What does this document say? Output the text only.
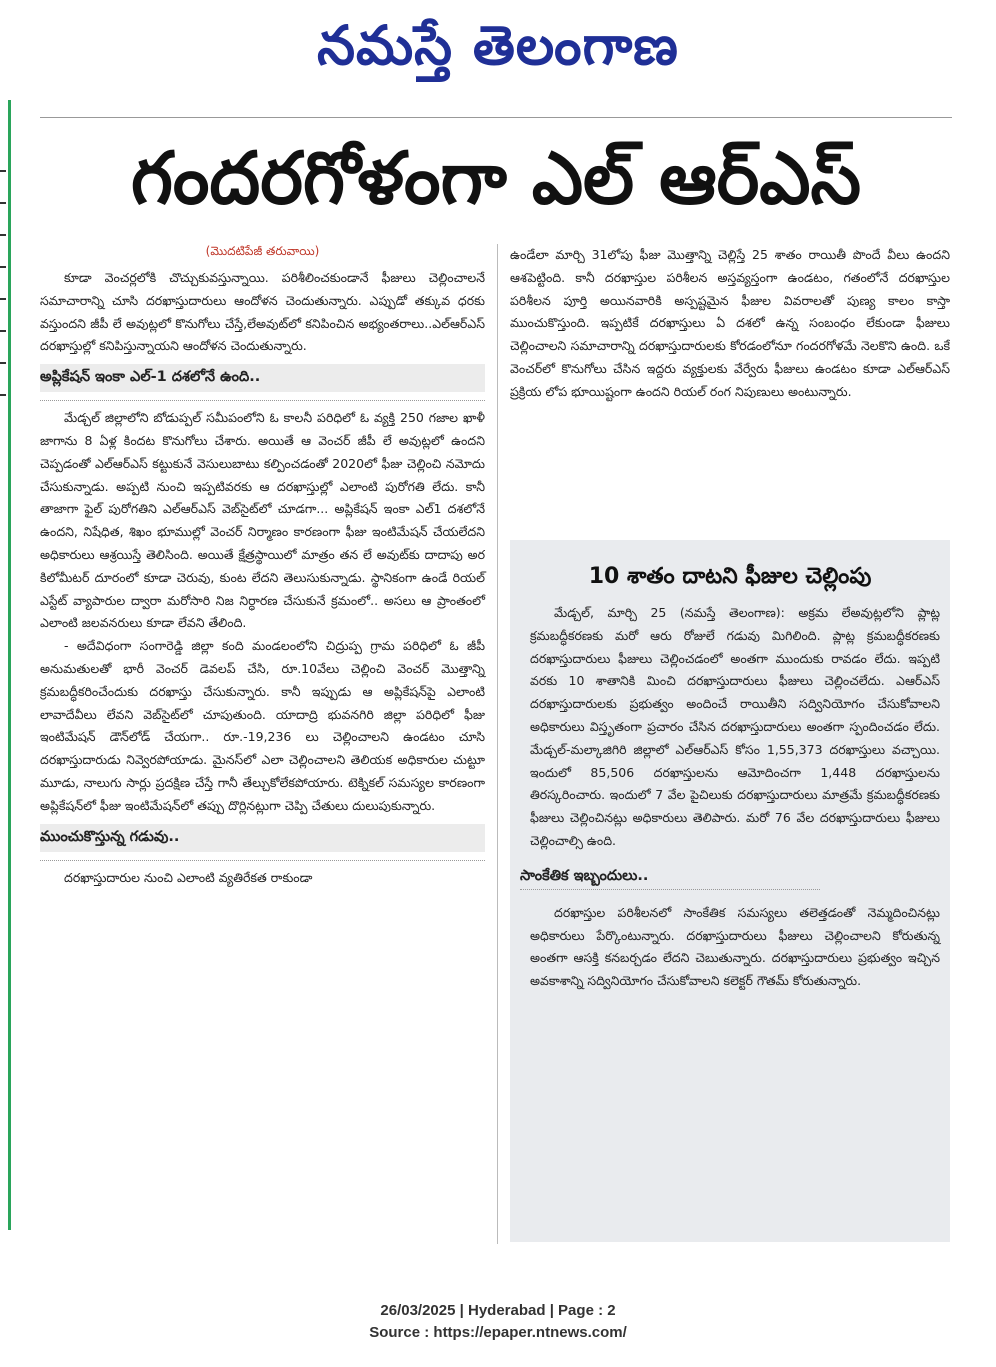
నమస్తే తెలంగాణ
గందరగోళంగా ఎల్ ఆర్ఎస్
(మొదటిపేజీ తరువాయి)

కూడా వెంచర్లలోకి చొచ్చుకువస్తున్నాయి. పరిశీలించకుండానే ఫీజులు చెల్లించాలనే సమాచారాన్ని చూసి దరఖాస్తుదారులు ఆందోళన చెందుతున్నారు. ఎప్పుడో తక్కువ ధరకు వస్తుందని జీపీ లే అవుట్లలో కొనుగోలు చేస్తే,లేఅవుట్‌లో కనిపించిన అభ్యంతరాలు..ఎల్ఆర్ఎస్ దరఖాస్తుల్లో కనిపిస్తున్నాయని ఆందోళన చెందుతున్నారు.

అప్లికేషన్ ఇంకా ఎల్-1 దశలోనే ఉంది..

మేడ్చల్ జిల్లాలోని బోడుప్పల్ సమీపంలోని ఓ కాలనీ పరిధిలో ఓ వ్యక్తి 250 గజాల ఖాళీ జాగాను 8 ఏళ్ల కిందట కొనుగోలు చేశారు. అయితే ఆ వెంచర్ జీపీ లే అవుట్లలో ఉందని చెప్పడంతో ఎల్ఆర్ఎస్ కట్టుకునే వెసులుబాటు కల్పించడంతో 2020లో ఫీజు చెల్లించి నమోదు చేసుకున్నాడు. అప్పటి నుంచి ఇప్పటివరకు ఆ దరఖాస్తుల్లో ఎలాంటి పురోగతి లేదు. కానీ తాజాగా ఫైల్ పురోగతిని ఎల్ఆర్ఎస్ వెబ్‌సైట్‌లో చూడగా... అప్లికేషన్ ఇంకా ఎల్1 దశలోనే ఉందని, నిషేధిత, శిఖం భూముల్లో వెంచర్ నిర్మాణం కారణంగా ఫీజు ఇంటిమేషన్ చేయలేదని అధికారులు ఆశ్రయిస్తే తెలిసింది. అయితే క్షేత్రస్థాయిలో మాత్రం తన లే అవుట్‌కు దాదాపు అర కిలోమీటర్ దూరంలో కూడా చెరువు, కుంట లేదని తెలుసుకున్నాడు. స్థానికంగా ఉండే రియల్ ఎస్టేట్ వ్యాపారుల ద్వారా మరోసారి నిజ నిర్ధారణ చేసుకునే క్రమంలో.. అసలు ఆ ప్రాంతంలో ఎలాంటి జలవనరులు కూడా లేవని తేలింది.

- అదేవిధంగా సంగారెడ్డి జిల్లా కంది మండలంలోని చిద్రుప్ప గ్రామ పరిధిలో ఓ జీపీ అనుమతులతో భారీ వెంచర్ డెవలప్ చేసి, రూ.10వేలు చెల్లించి వెంచర్ మొత్తాన్ని క్రమబద్ధీకరించేందుకు దరఖాస్తు చేసుకున్నారు. కానీ ఇప్పుడు ఆ అప్లికేషన్‌పై ఎలాంటి లావాదేవీలు లేవని వెబ్‌సైట్‌లో చూపుతుంది. యాదాద్రి భువనగిరి జిల్లా పరిధిలో ఫీజు ఇంటిమేషన్ డౌన్‌లోడ్ చేయగా.. రూ.-19,236 లు చెల్లించాలని ఉండటం చూసి దరఖాస్తుదారుడు నివ్వెరపోయాడు. మైనస్‌లో ఎలా చెల్లించాలని తెలియక అధికారుల చుట్టూ మూడు, నాలుగు సార్లు ప్రదక్షిణ చేస్తే గానీ తేల్చుకోలేకపోయారు. టెక్నికల్ సమస్యల కారణంగా అప్లికేషన్‌లో ఫీజు ఇంటిమేషన్‌లో తప్పు దొర్లినట్లుగా చెప్పి చేతులు దులుపుకున్నారు.

ముంచుకొస్తున్న గడువు..

దరఖాస్తుదారుల నుంచి ఎలాంటి వ్యతిరేకత రాకుండా

ఉండేలా మార్చి 31లోపు ఫీజు మొత్తాన్ని చెల్లిస్తే 25 శాతం రాయితీ పొందే వీలు ఉందని ఆశపెట్టింది. కానీ దరఖాస్తుల పరిశీలన అస్తవ్యస్తంగా ఉండటం, గతంలోనే దరఖాస్తుల పరిశీలన పూర్తి అయినవారికి అస్పష్టమైన ఫీజుల వివరాలతో పుణ్య కాలం కాస్తా ముంచుకొస్తుంది. ఇప్పటికే దరఖాస్తులు ఏ దశలో ఉన్న సంబంధం లేకుండా ఫీజులు చెల్లించాలని సమాచారాన్ని దరఖాస్తుదారులకు కోరడంలోనూ గందరగోళమే నెలకొని ఉంది. ఒకే వెంచర్‌లో కొనుగోలు చేసిన ఇద్దరు వ్యక్తులకు వేర్వేరు ఫీజులు ఉండటం కూడా ఎల్ఆర్ఎస్ ప్రక్రియ లోప భూయిష్టంగా ఉందని రియల్ రంగ నిపుణులు అంటున్నారు.

10 శాతం దాటని ఫీజుల చెల్లింపు

మేడ్చల్, మార్చి 25 (నమస్తే తెలంగాణ): అక్రమ లేఅవుట్లలోని ప్లాట్ల క్రమబద్ధీకరణకు మరో ఆరు రోజులే గడువు మిగిలింది. ప్లాట్ల క్రమబద్ధీకరణకు దరఖాస్తుదారులు ఫీజులు చెల్లించడంలో అంతగా ముందుకు రావడం లేదు. ఇప్పటి వరకు 10 శాతానికి మించి దరఖాస్తుదారులు ఫీజులు చెల్లించలేదు. ఎఆర్ఎస్ దరఖాస్తుదారులకు ప్రభుత్వం అందించే రాయితీని సద్వినియోగం చేసుకోవాలని అధికారులు విస్తృతంగా ప్రచారం చేసిన దరఖాస్తుదారులు అంతగా స్పందించడం లేదు. మేడ్చల్-మల్కాజిగిరి జిల్లాలో ఎల్ఆర్ఎస్ కోసం 1,55,373 దరఖాస్తులు వచ్చాయి. ఇందులో 85,506 దరఖాస్తులను ఆమోదించగా 1,448 దరఖాస్తులను తిరస్కరించారు. ఇందులో 7 వేల పైచిలుకు దరఖాస్తుదారులు మాత్రమే క్రమబద్ధీకరణకు ఫీజులు చెల్లించినట్లు అధికారులు తెలిపారు. మరో 76 వేల దరఖాస్తుదారులు ఫీజులు చెల్లించాల్సి ఉంది.

సాంకేతిక ఇబ్బందులు..

దరఖాస్తుల పరిశీలనలో సాంకేతిక సమస్యలు తలెత్తడంతో నెమ్మదించినట్లు అధికారులు పేర్కొంటున్నారు. దరఖాస్తుదారులు ఫీజులు చెల్లించాలని కోరుతున్న అంతగా ఆసక్తి కనబర్చడం లేదని చెబుతున్నారు. దరఖాస్తుదారులు ప్రభుత్వం ఇచ్చిన అవకాశాన్ని సద్వినియోగం చేసుకోవాలని కలెక్టర్ గౌతమ్ కోరుతున్నారు.

26/03/2025 | Hyderabad | Page : 2
Source : https://epaper.ntnews.com/
